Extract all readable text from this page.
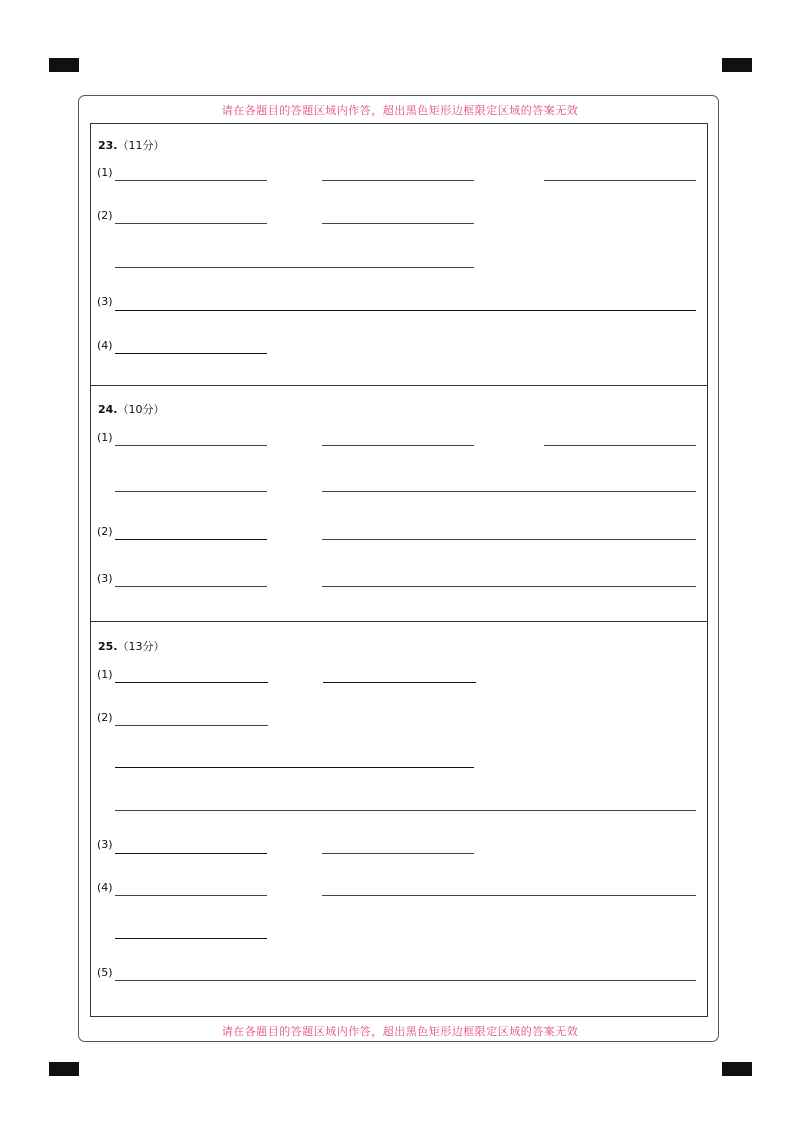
请在各题目的答题区域内作答，超出黑色矩形边框限定区域的答案无效
请在各题目的答题区域内作答，超出黑色矩形边框限定区域的答案无效
23.（11分）
(1)
(2)
(3)
(4)
24.（10分）
(1)
(2)
(3)
25.（13分）
(1)
(2)
(3)
(4)
(5)
